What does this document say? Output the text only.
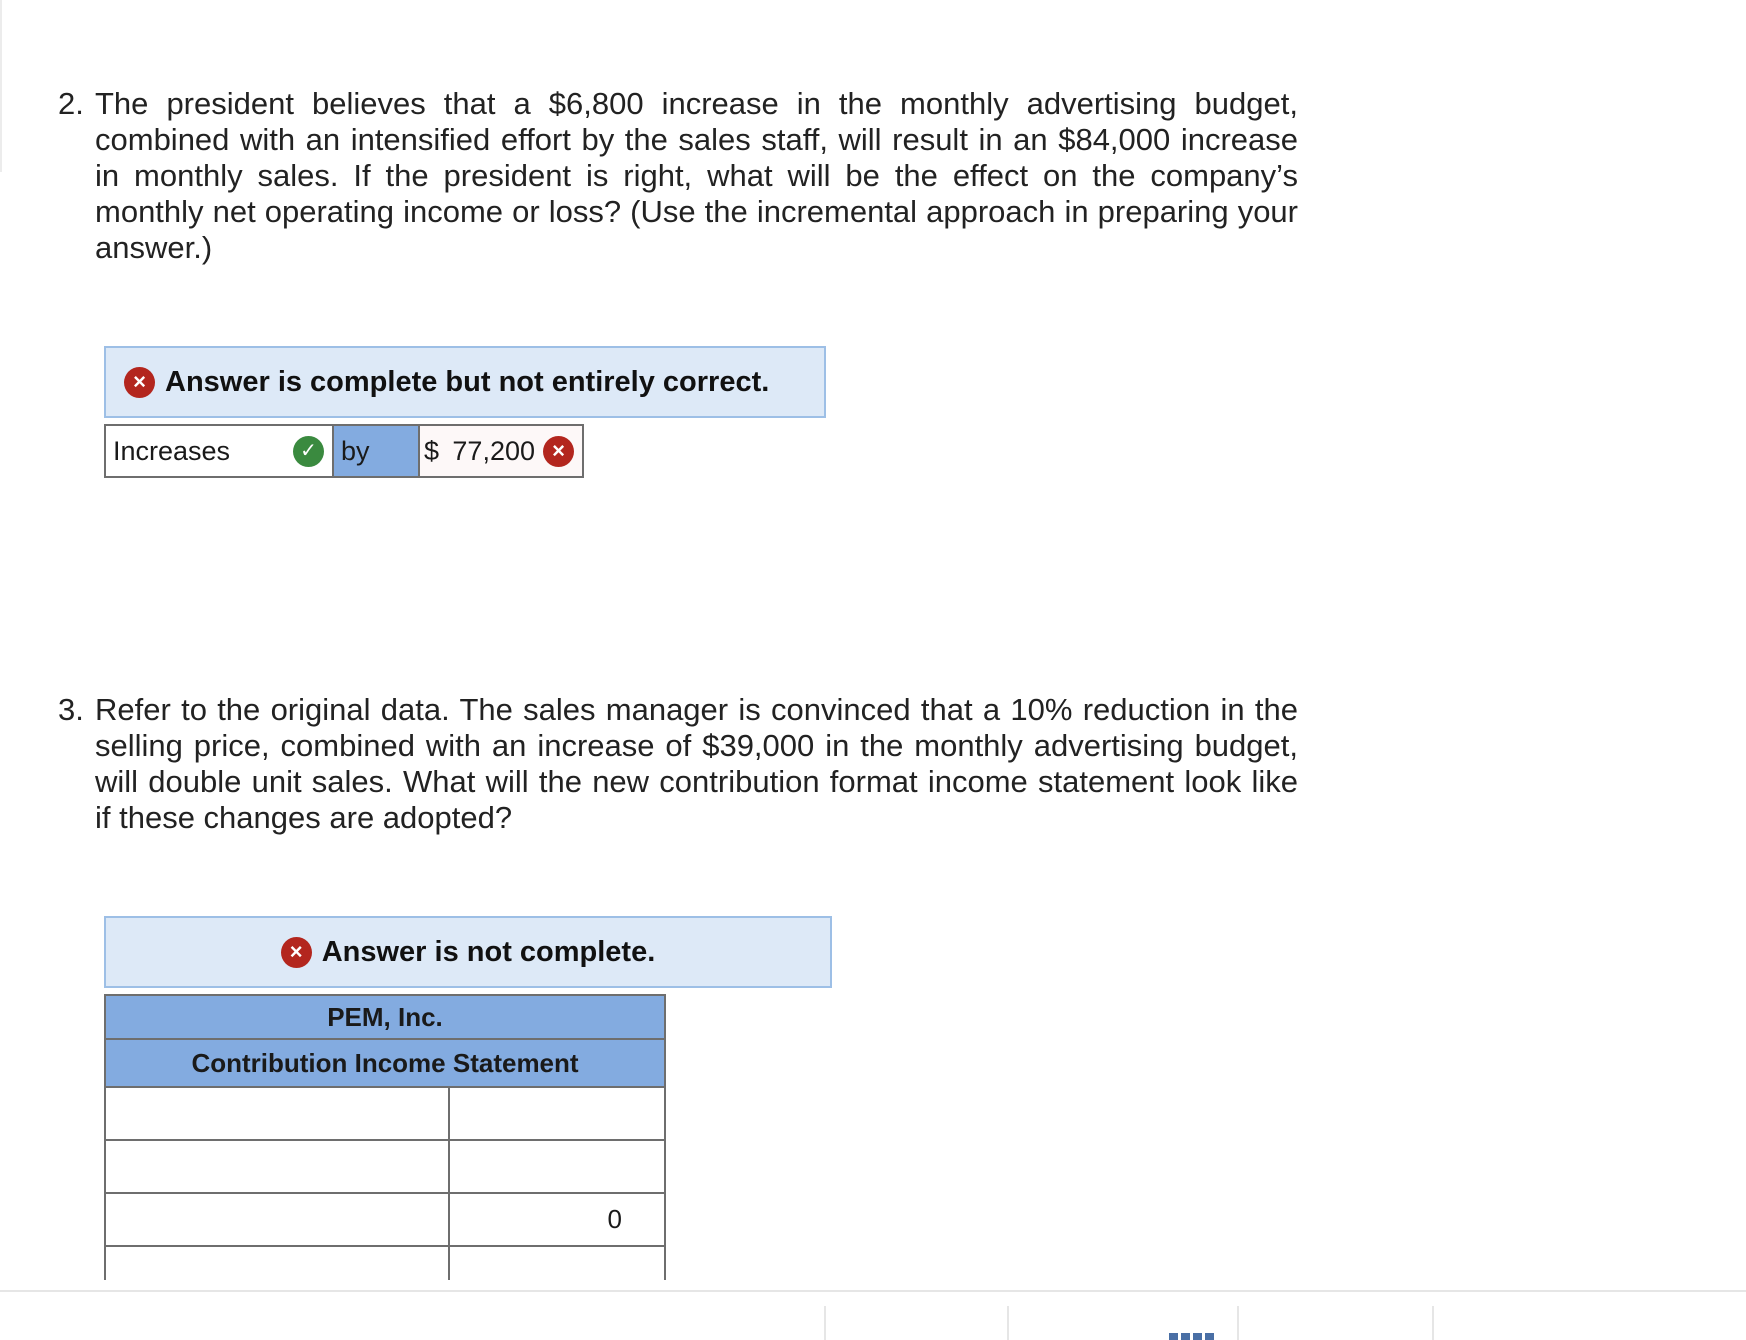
2. The president believes that a $6,800 increase in the monthly advertising budget, combined with an intensified effort by the sales staff, will result in an $84,000 increase in monthly sales. If the president is right, what will be the effect on the company’s monthly net operating income or loss? (Use the incremental approach in preparing your answer.)
× Answer is complete but not entirely correct.
Increases	✓ by $ 77,200 ×
3. Refer to the original data. The sales manager is convinced that a 10% reduction in the selling price, combined with an increase of $39,000 in the monthly advertising budget, will double unit sales. What will the new contribution format income statement look like if these changes are adopted?
× Answer is not complete.
PEM, Inc.	
Contribution Income Statement	

	0
